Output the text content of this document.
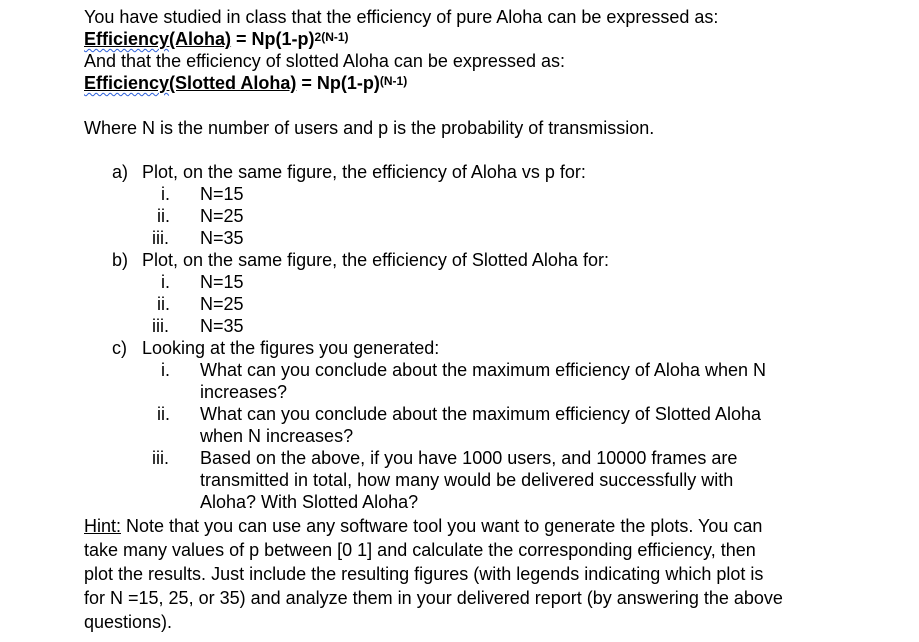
You have studied in class that the efficiency of pure Aloha can be expressed as:
Efficiency(Aloha) = $Np(1-p)^{2(N-1)}$
And that the efficiency of slotted Aloha can be expressed as:
Efficiency(Slotted Aloha) = $Np(1-p)^{(N-1)}$
Where N is the number of users and p is the probability of transmission.
a) Plot, on the same figure, the efficiency of Aloha vs p for:
i. N=15
ii. N=25
iii. N=35
b) Plot, on the same figure, the efficiency of Slotted Aloha for:
i. N=15
ii. N=25
iii. N=35
c) Looking at the figures you generated:
i. What can you conclude about the maximum efficiency of Aloha when N
increases?
ii. What can you conclude about the maximum efficiency of Slotted Aloha
when N increases?
iii. Based on the above, if you have 1000 users, and 10000 frames are
transmitted in total, how many would be delivered successfully with
Aloha? With Slotted Aloha?
Hint: Note that you can use any software tool you want to generate the plots. You can
take many values of p between [0 1] and calculate the corresponding efficiency, then
plot the results. Just include the resulting figures (with legends indicating which plot is
for N =15, 25, or 35) and analyze them in your delivered report (by answering the above
questions).
